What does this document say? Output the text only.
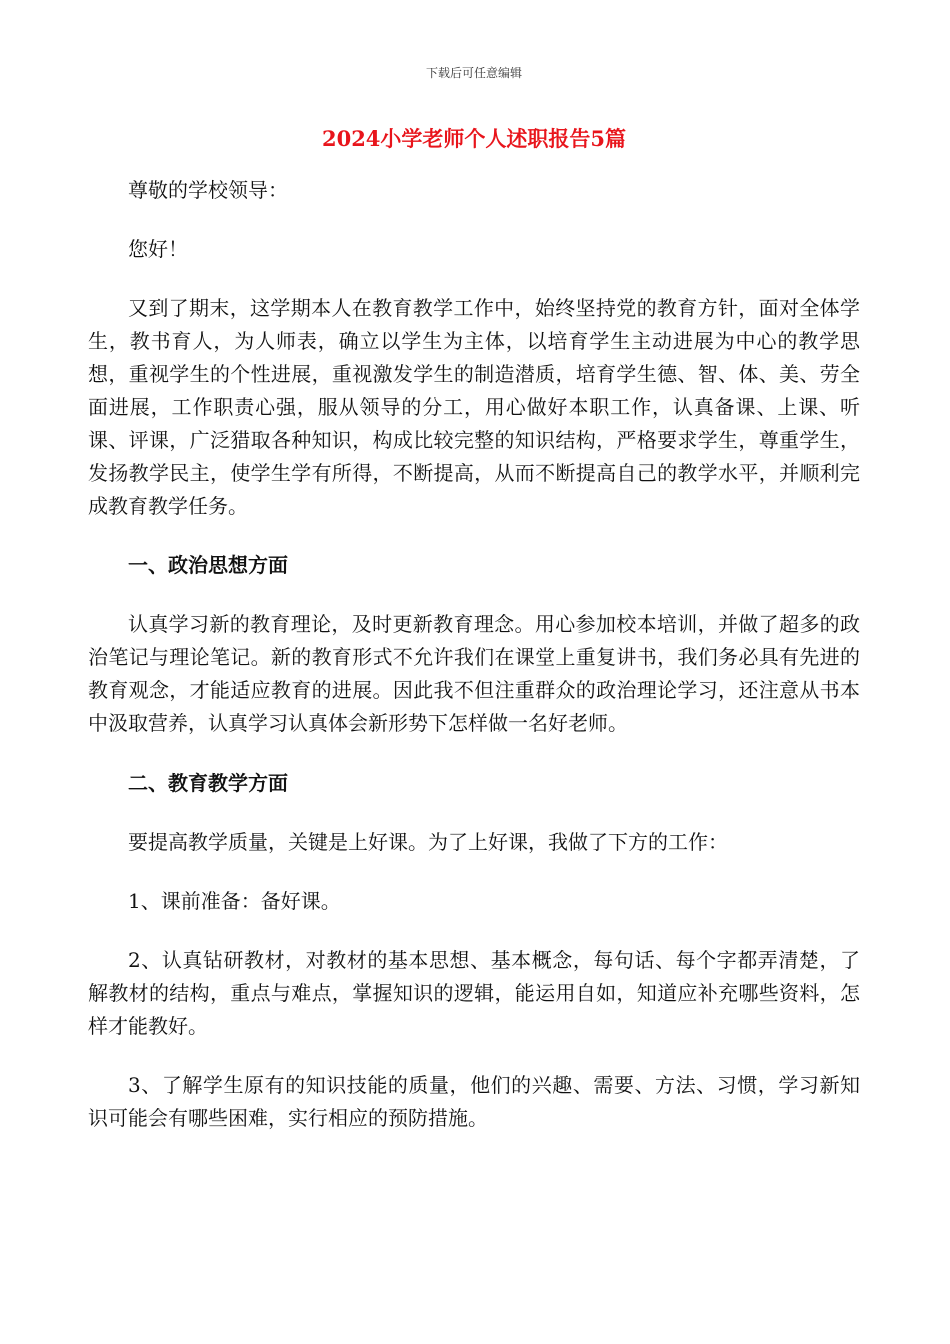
下载后可任意编辑
2024小学老师个人述职报告5篇

尊敬的学校领导：

您好！

又到了期末，这学期本人在教育教学工作中，始终坚持党的教育方针，面对全体学生，教书育人，为人师表，确立以学生为主体，以培育学生主动进展为中心的教学思想，重视学生的个性进展，重视激发学生的制造潜质，培育学生德、智、体、美、劳全面进展，工作职责心强，服从领导的分工，用心做好本职工作，认真备课、上课、听课、评课，广泛猎取各种知识，构成比较完整的知识结构，严格要求学生，尊重学生，发扬教学民主，使学生学有所得，不断提高，从而不断提高自己的教学水平，并顺利完成教育教学任务。

一、政治思想方面

认真学习新的教育理论，及时更新教育理念。用心参加校本培训，并做了超多的政治笔记与理论笔记。新的教育形式不允许我们在课堂上重复讲书，我们务必具有先进的教育观念，才能适应教育的进展。因此我不但注重群众的政治理论学习，还注意从书本中汲取营养，认真学习认真体会新形势下怎样做一名好老师。

二、教育教学方面

要提高教学质量，关键是上好课。为了上好课，我做了下方的工作：

1、课前准备：备好课。

2、认真钻研教材，对教材的基本思想、基本概念，每句话、每个字都弄清楚，了解教材的结构，重点与难点，掌握知识的逻辑，能运用自如，知道应补充哪些资料，怎样才能教好。

3、了解学生原有的知识技能的质量，他们的兴趣、需要、方法、习惯，学习新知识可能会有哪些困难，实行相应的预防措施。
